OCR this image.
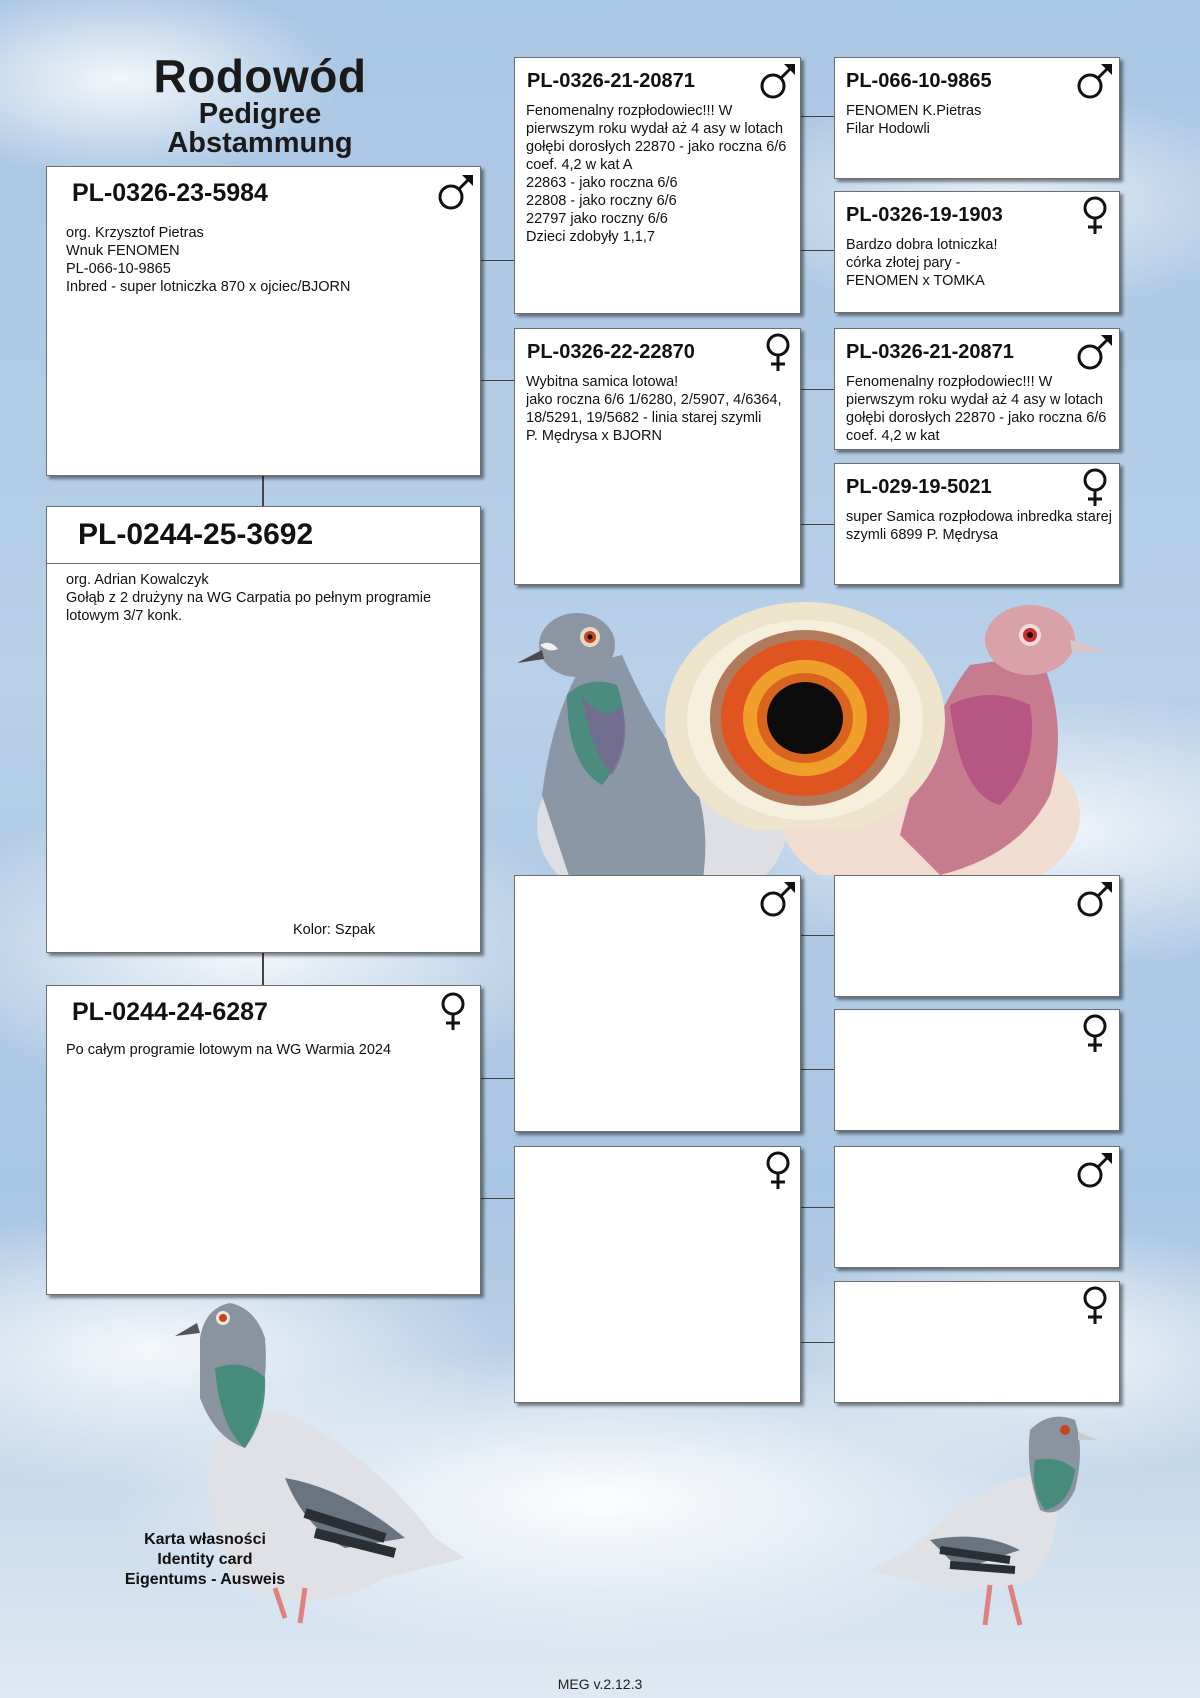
Rodowód
Pedigree
Abstammung
PL-0326-23-5984
org. Krzysztof Pietras
Wnuk FENOMEN
PL-066-10-9865
Inbred - super lotniczka 870 x ojciec/BJORN
PL-0244-25-3692
org. Adrian Kowalczyk
Gołąb z 2 drużyny na WG Carpatia po pełnym programie lotowym 3/7 konk.
Kolor: Szpak
PL-0244-24-6287
Po całym programie lotowym na WG Warmia 2024
PL-0326-21-20871
Fenomenalny rozpłodowiec!!! W pierwszym roku wydał aż 4 asy w lotach gołębi dorosłych 22870 - jako roczna 6/6 coef. 4,2 w kat A
22863 - jako roczna 6/6
22808 - jako roczny 6/6
22797 jako roczny 6/6
Dzieci zdobyły 1,1,7
PL-0326-22-22870
Wybitna samica lotowa!
jako roczna 6/6 1/6280, 2/5907, 4/6364, 18/5291, 19/5682 - linia starej szymli
P. Mędrysa x BJORN
PL-066-10-9865
FENOMEN K.Pietras
Filar Hodowli
PL-0326-19-1903
Bardzo dobra lotniczka!
córka złotej pary -
FENOMEN x TOMKA
PL-0326-21-20871
Fenomenalny rozpłodowiec!!! W pierwszym roku wydał aż 4 asy w lotach gołębi dorosłych 22870 - jako roczna 6/6 coef. 4,2 w kat
PL-029-19-5021
super Samica rozpłodowa inbredka starej szymli 6899 P. Mędrysa
Karta własności
Identity card
Eigentums - Ausweis
MEG v.2.12.3
